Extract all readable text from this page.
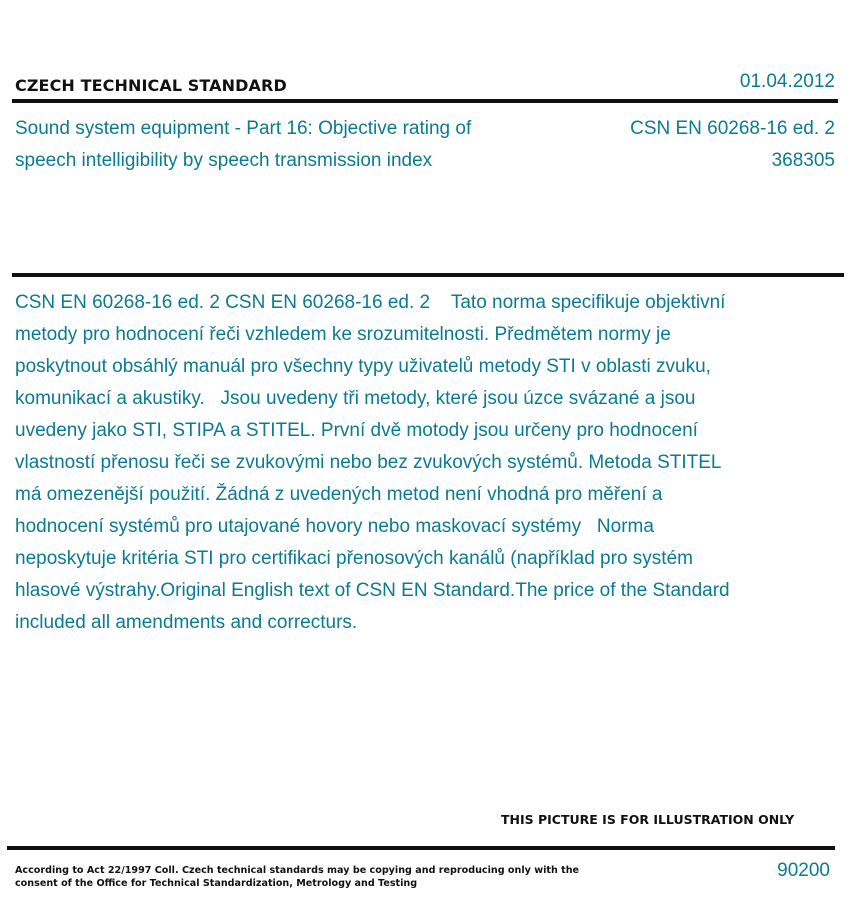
CZECH TECHNICAL STANDARD	01.04.2012
Sound system equipment - Part 16: Objective rating of speech intelligibility by speech transmission index
CSN EN 60268-16 ed. 2
368305
CSN EN 60268-16 ed. 2 CSN EN 60268-16 ed. 2    Tato norma specifikuje objektivní metody pro hodnocení řeči vzhledem ke srozumitelnosti. Předmětem normy je poskytnout obsáhlý manuál pro všechny typy uživatelů metody STI v oblasti zvuku, komunikací a akustiky.   Jsou uvedeny tři metody, které jsou úzce svázané a jsou uvedeny jako STI, STIPA a STITEL. První dvě motody jsou určeny pro hodnocení vlastností přenosu řeči se zvukovými nebo bez zvukových systémů. Metoda STITEL má omezenější použití. Žádná z uvedených metod není vhodná pro měření a hodnocení systémů pro utajované hovory nebo maskovací systémy   Norma neposkytuje kritéria STI pro certifikaci přenosových kanálů (například pro systém hlasové výstrahy.Original English text of CSN EN Standard.The price of the Standard included all amendments and correcturs.
THIS PICTURE IS FOR ILLUSTRATION ONLY
According to Act 22/1997 Coll. Czech technical standards may be copying and reproducing only with the consent of the Office for Technical Standardization, Metrology and Testing
90200
